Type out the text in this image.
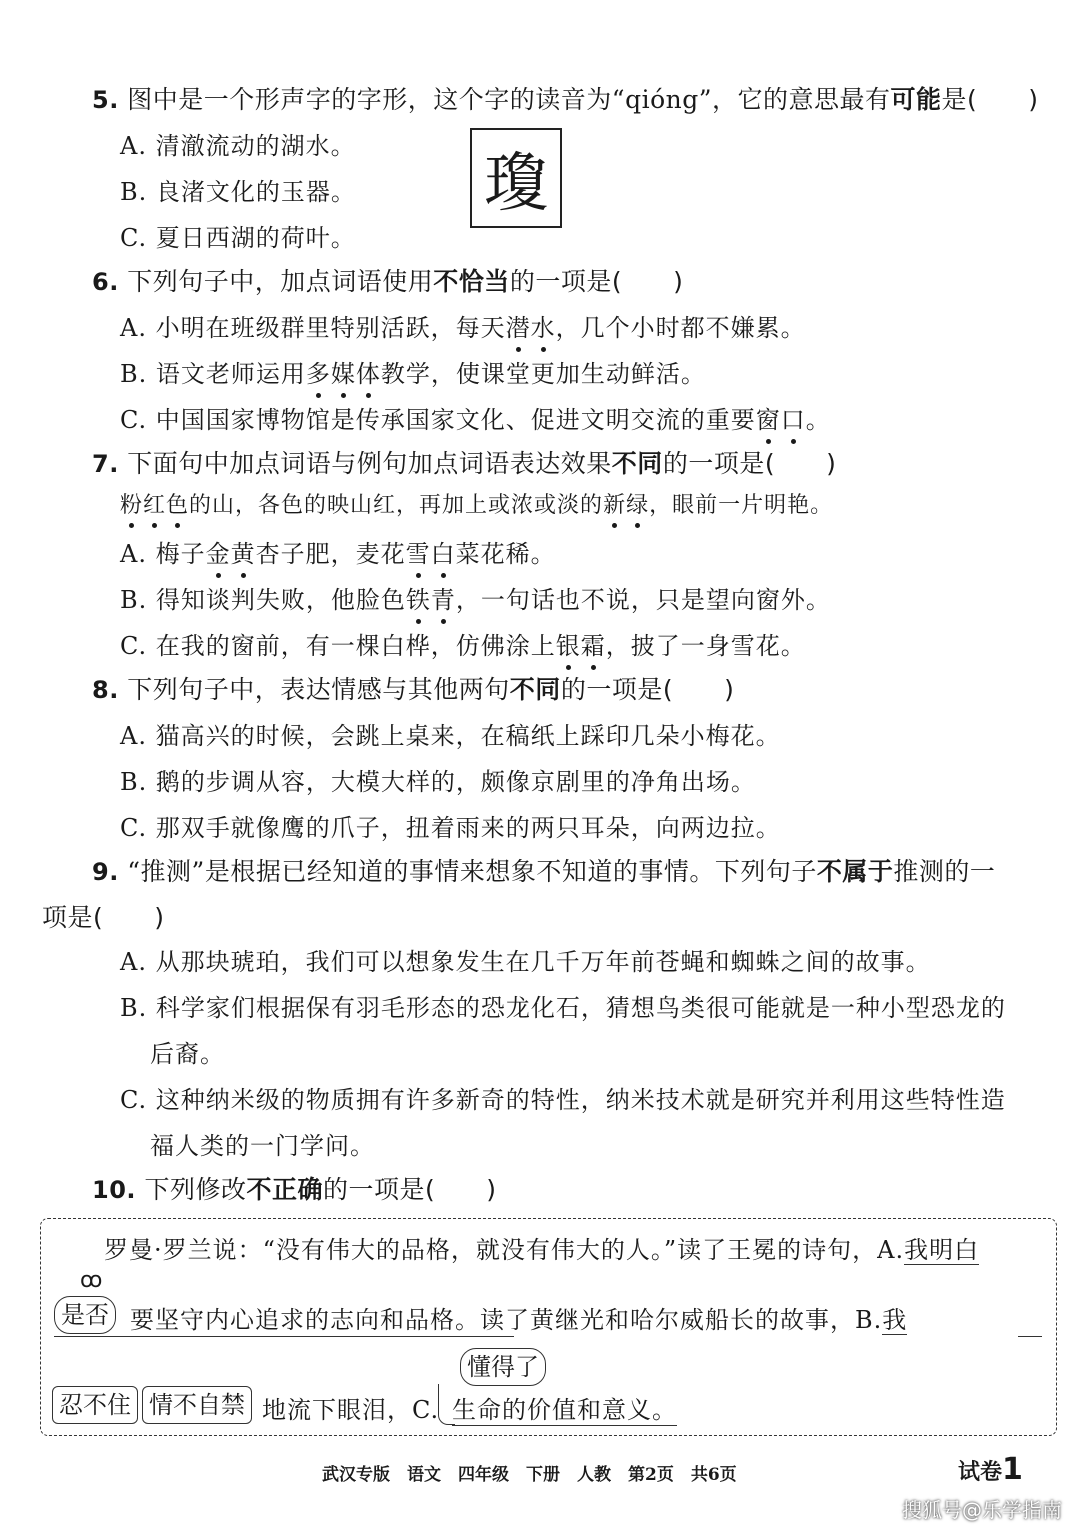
5. 图中是一个形声字的字形，这个字的读音为“qióng”，它的意思最有可能是(　　)
A. 清澈流动的湖水。
B. 良渚文化的玉器。
C. 夏日西湖的荷叶。
瓊
6. 下列句子中，加点词语使用不恰当的一项是(　　)
A. 小明在班级群里特别活跃，每天潜水，几个小时都不嫌累。
B. 语文老师运用多媒体教学，使课堂更加生动鲜活。
C. 中国国家博物馆是传承国家文化、促进文明交流的重要窗口。
7. 下面句中加点词语与例句加点词语表达效果不同的一项是(　　)
粉红色的山，各色的映山红，再加上或浓或淡的新绿，眼前一片明艳。
A. 梅子金黄杏子肥，麦花雪白菜花稀。
B. 得知谈判失败，他脸色铁青，一句话也不说，只是望向窗外。
C. 在我的窗前，有一棵白桦，仿佛涂上银霜，披了一身雪花。
8. 下列句子中，表达情感与其他两句不同的一项是(　　)
A. 猫高兴的时候，会跳上桌来，在稿纸上踩印几朵小梅花。
B. 鹅的步调从容，大模大样的，颇像京剧里的净角出场。
C. 那双手就像鹰的爪子，扭着雨来的两只耳朵，向两边拉。
9. “推测”是根据已经知道的事情来想象不知道的事情。下列句子不属于推测的一
项是(　　)
A. 从那块琥珀，我们可以想象发生在几千万年前苍蝇和蜘蛛之间的故事。
B. 科学家们根据保有羽毛形态的恐龙化石，猜想鸟类很可能就是一种小型恐龙的
后裔。
C. 这种纳米级的物质拥有许多新奇的特性，纳米技术就是研究并利用这些特性造
福人类的一门学问。
10. 下列修改不正确的一项是(　　)
罗曼·罗兰说：“没有伟大的品格，就没有伟大的人。”读了王冕的诗句，A.我明白
ꝏ
是否 要坚守内心追求的志向和品格。读了黄继光和哈尔威船长的故事，B.我
懂得了
忍不住 情不自禁 地流下眼泪，C. 生命的价值和意义。
武汉专版　语文　四年级　下册　人教　第2页　共6页	试卷1
搜狐号@乐学指南
